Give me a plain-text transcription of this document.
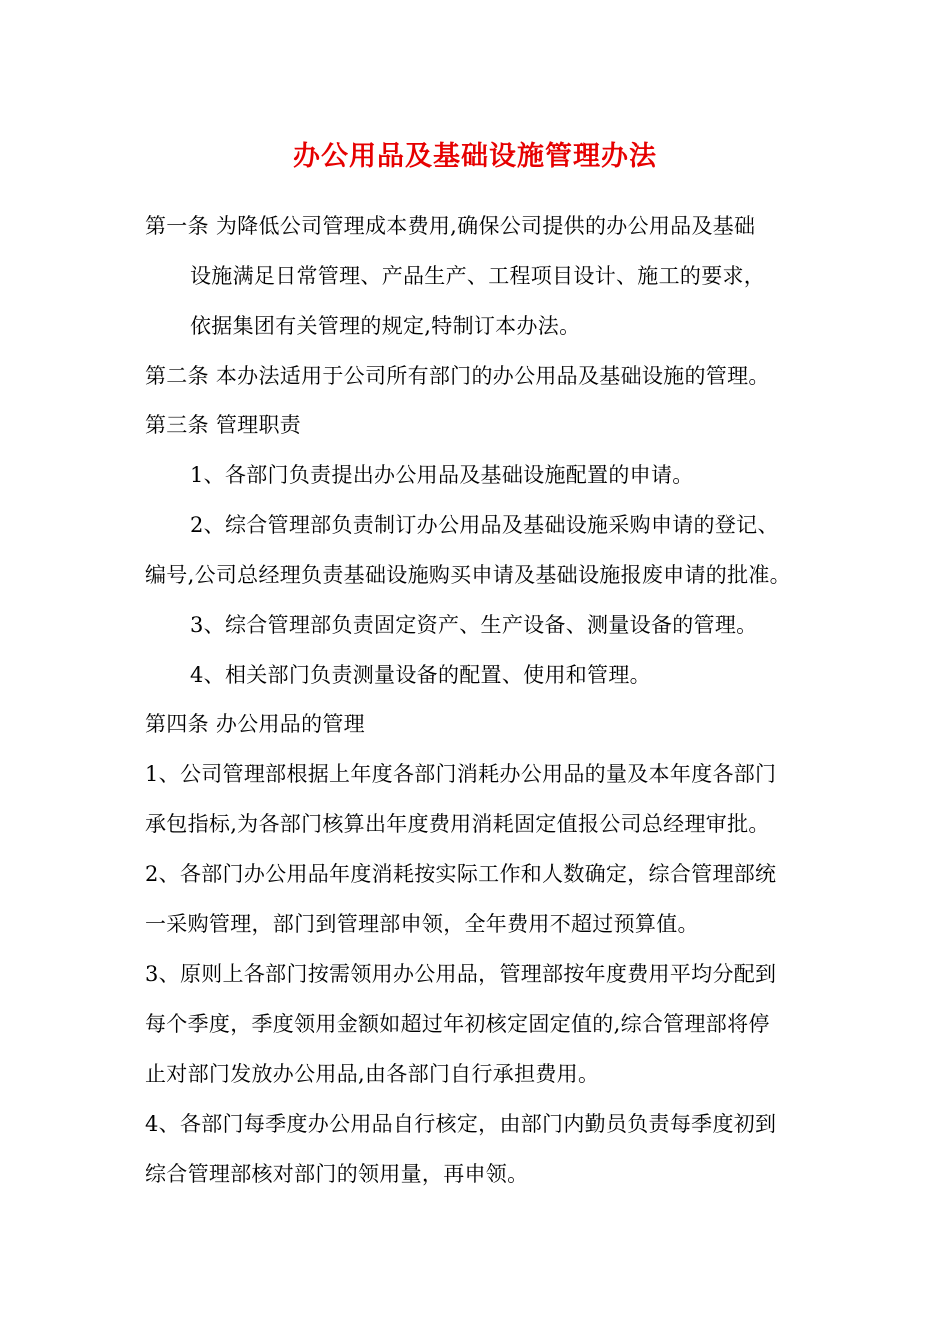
办公用品及基础设施管理办法
第一条 为降低公司管理成本费用,确保公司提供的办公用品及基础
设施满足日常管理、产品生产、工程项目设计、施工的要求，
依据集团有关管理的规定,特制订本办法。
第二条 本办法适用于公司所有部门的办公用品及基础设施的管理。
第三条 管理职责
1、各部门负责提出办公用品及基础设施配置的申请。
2、综合管理部负责制订办公用品及基础设施采购申请的登记、
编号,公司总经理负责基础设施购买申请及基础设施报废申请的批准。
3、综合管理部负责固定资产、生产设备、测量设备的管理。
4、相关部门负责测量设备的配置、使用和管理。
第四条 办公用品的管理
1、公司管理部根据上年度各部门消耗办公用品的量及本年度各部门
承包指标,为各部门核算出年度费用消耗固定值报公司总经理审批。
2、各部门办公用品年度消耗按实际工作和人数确定，综合管理部统
一采购管理，部门到管理部申领，全年费用不超过预算值。
3、原则上各部门按需领用办公用品，管理部按年度费用平均分配到
每个季度，季度领用金额如超过年初核定固定值的,综合管理部将停
止对部门发放办公用品,由各部门自行承担费用。
4、各部门每季度办公用品自行核定，由部门内勤员负责每季度初到
综合管理部核对部门的领用量，再申领。
